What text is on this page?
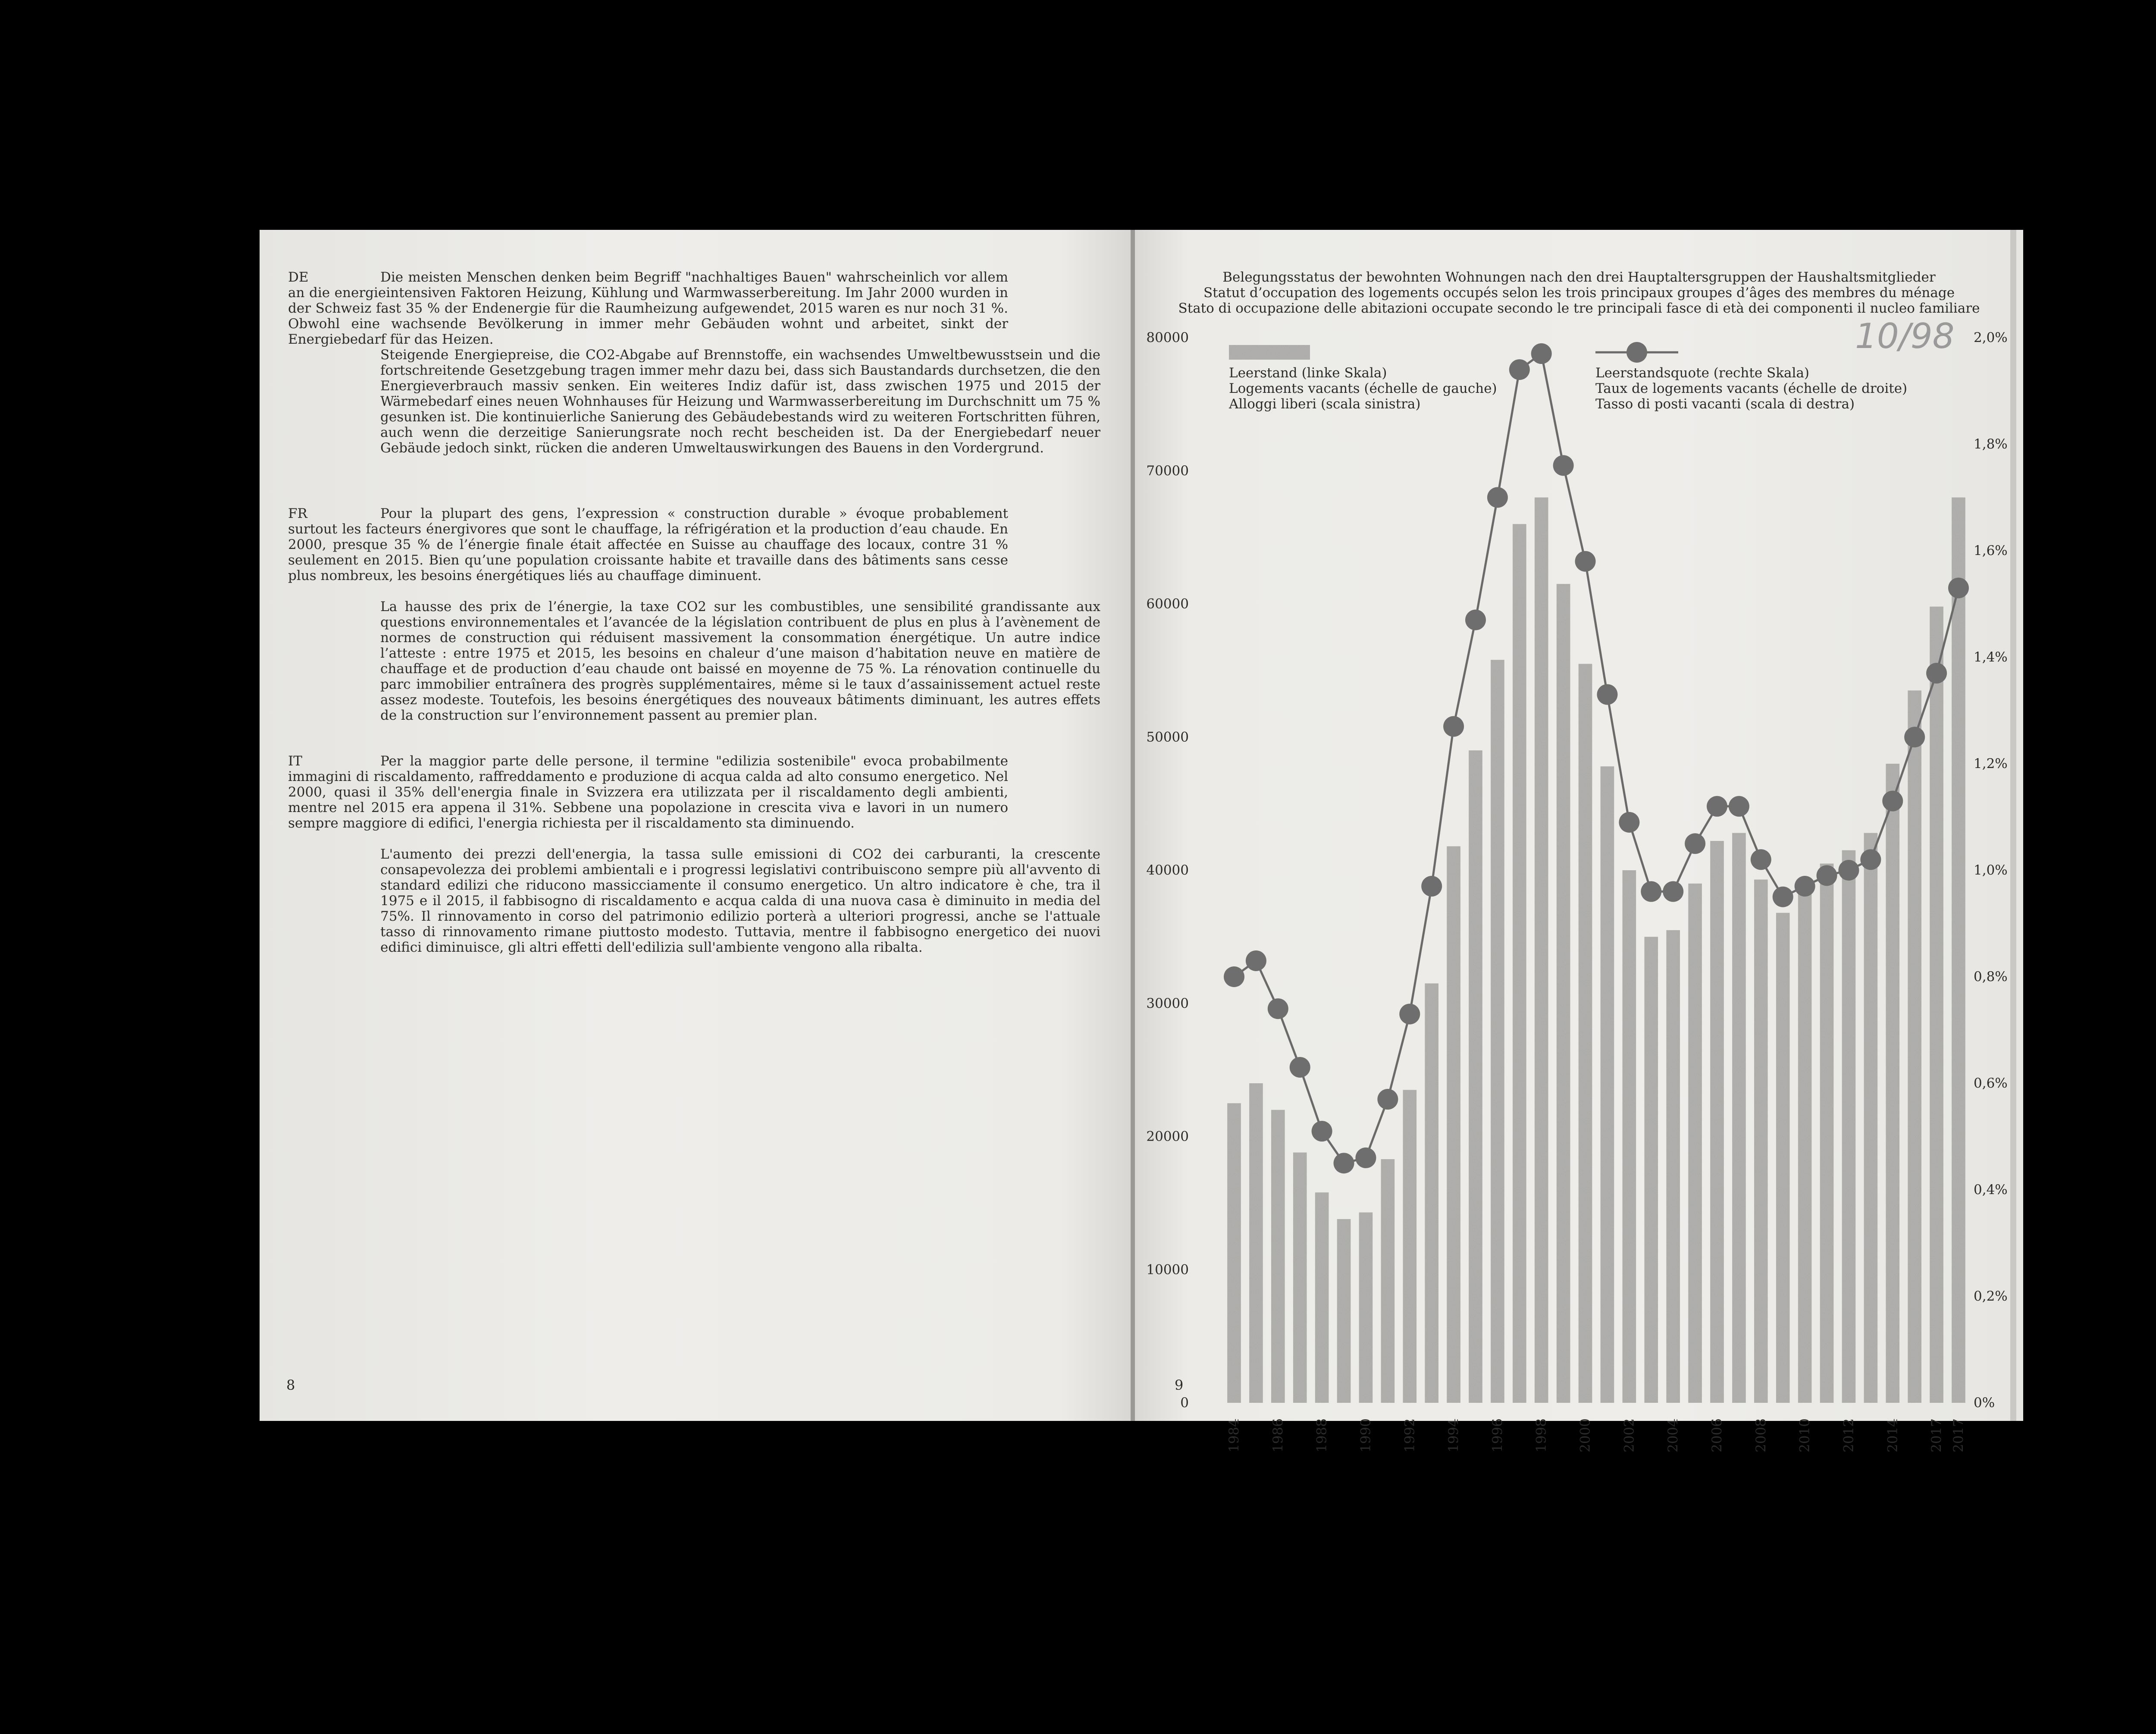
DE	Die meisten Menschen denken beim Begriff "nachhaltiges Bauen" wahrscheinlich vor allem an die energieintensiven Faktoren Heizung, Kühlung und Warmwasserbereitung. Im Jahr 2000 wurden in der Schweiz fast 35 % der Endenergie für die Raumheizung aufgewendet, 2015 waren es nur noch 31 %. Obwohl eine wachsende Bevölkerung in immer mehr Gebäuden wohnt und arbeitet, sinkt der Energiebedarf für das Heizen.
Steigende Energiepreise, die CO2-Abgabe auf Brennstoffe, ein wachsendes Umweltbewusstsein und die fortschreitende Gesetzgebung tragen immer mehr dazu bei, dass sich Baustandards durchsetzen, die den Energieverbrauch massiv senken. Ein weiteres Indiz dafür ist, dass zwischen 1975 und 2015 der Wärmebedarf eines neuen Wohnhauses für Heizung und Warmwasserbereitung im Durchschnitt um 75 % gesunken ist. Die kontinuierliche Sanierung des Gebäudebestands wird zu weiteren Fortschritten führen, auch wenn die derzeitige Sanierungsrate noch recht bescheiden ist. Da der Energiebedarf neuer Gebäude jedoch sinkt, rücken die anderen Umweltauswirkungen des Bauens in den Vordergrund.
FR	Pour la plupart des gens, l’expression « construction durable » évoque probablement surtout les facteurs énergivores que sont le chauffage, la réfrigération et la production d’eau chaude. En 2000, presque 35 % de l’énergie finale était affectée en Suisse au chauffage des locaux, contre 31 % seulement en 2015. Bien qu’une population croissante habite et travaille dans des bâtiments sans cesse plus nombreux, les besoins énergétiques liés au chauffage diminuent.
La hausse des prix de l’énergie, la taxe CO2 sur les combustibles, une sensibilité grandissante aux questions environnementales et l’avancée de la législation contribuent de plus en plus à l’avènement de normes de construction qui réduisent massivement la consommation énergétique. Un autre indice l’atteste : entre 1975 et 2015, les besoins en chaleur d’une maison d’habitation neuve en matière de chauffage et de production d’eau chaude ont baissé en moyenne de 75 %. La rénovation continuelle du parc immobilier entraînera des progrès supplémentaires, même si le taux d’assainissement actuel reste assez modeste. Toutefois, les besoins énergétiques des nouveaux bâtiments diminuant, les autres effets de la construction sur l’environnement passent au premier plan.
IT	Per la maggior parte delle persone, il termine "edilizia sostenibile" evoca probabilmente immagini di riscaldamento, raffreddamento e produzione di acqua calda ad alto consumo energetico. Nel 2000, quasi il 35% dell'energia finale in Svizzera era utilizzata per il riscaldamento degli ambienti, mentre nel 2015 era appena il 31%. Sebbene una popolazione in crescita viva e lavori in un numero sempre maggiore di edifici, l'energia richiesta per il riscaldamento sta diminuendo.
L'aumento dei prezzi dell'energia, la tassa sulle emissioni di CO2 dei carburanti, la crescente consapevolezza dei problemi ambientali e i progressi legislativi contribuiscono sempre più all'avvento di standard edilizi che riducono massicciamente il consumo energetico. Un altro indicatore è che, tra il 1975 e il 2015, il fabbisogno di riscaldamento e acqua calda di una nuova casa è diminuito in media del 75%. Il rinnovamento in corso del patrimonio edilizio porterà a ulteriori progressi, anche se l'attuale tasso di rinnovamento rimane piuttosto modesto. Tuttavia, mentre il fabbisogno energetico dei nuovi edifici diminuisce, gli altri effetti dell'edilizia sull'ambiente vengono alla ribalta.
8
Belegungsstatus der bewohnten Wohnungen nach den drei Hauptaltersgruppen der Haushaltsmitglieder
Statut d’occupation des logements occupés selon les trois principaux groupes d’âges des membres du ménage
Stato di occupazione delle abitazioni occupate secondo le tre principali fasce di età dei componenti il nucleo familiare
10/98
0
10000
20000
30000
40000
50000
60000
70000
80000
0%
0,2%
0,4%
0,6%
0,8%
1,0%
1,2%
1,4%
1,6%
1,8%
2,0%
1984 1986 1988 1990 1992 1994 1996 1998 2000 2002 2004 2006 2008 2010 2012 2014 2017 2017
Leerstand (linke Skala)
Logements vacants (échelle de gauche)
Alloggi liberi (scala sinistra)
Leerstandsquote (rechte Skala)
Taux de logements vacants (échelle de droite)
Tasso di posti vacanti (scala di destra)
9
